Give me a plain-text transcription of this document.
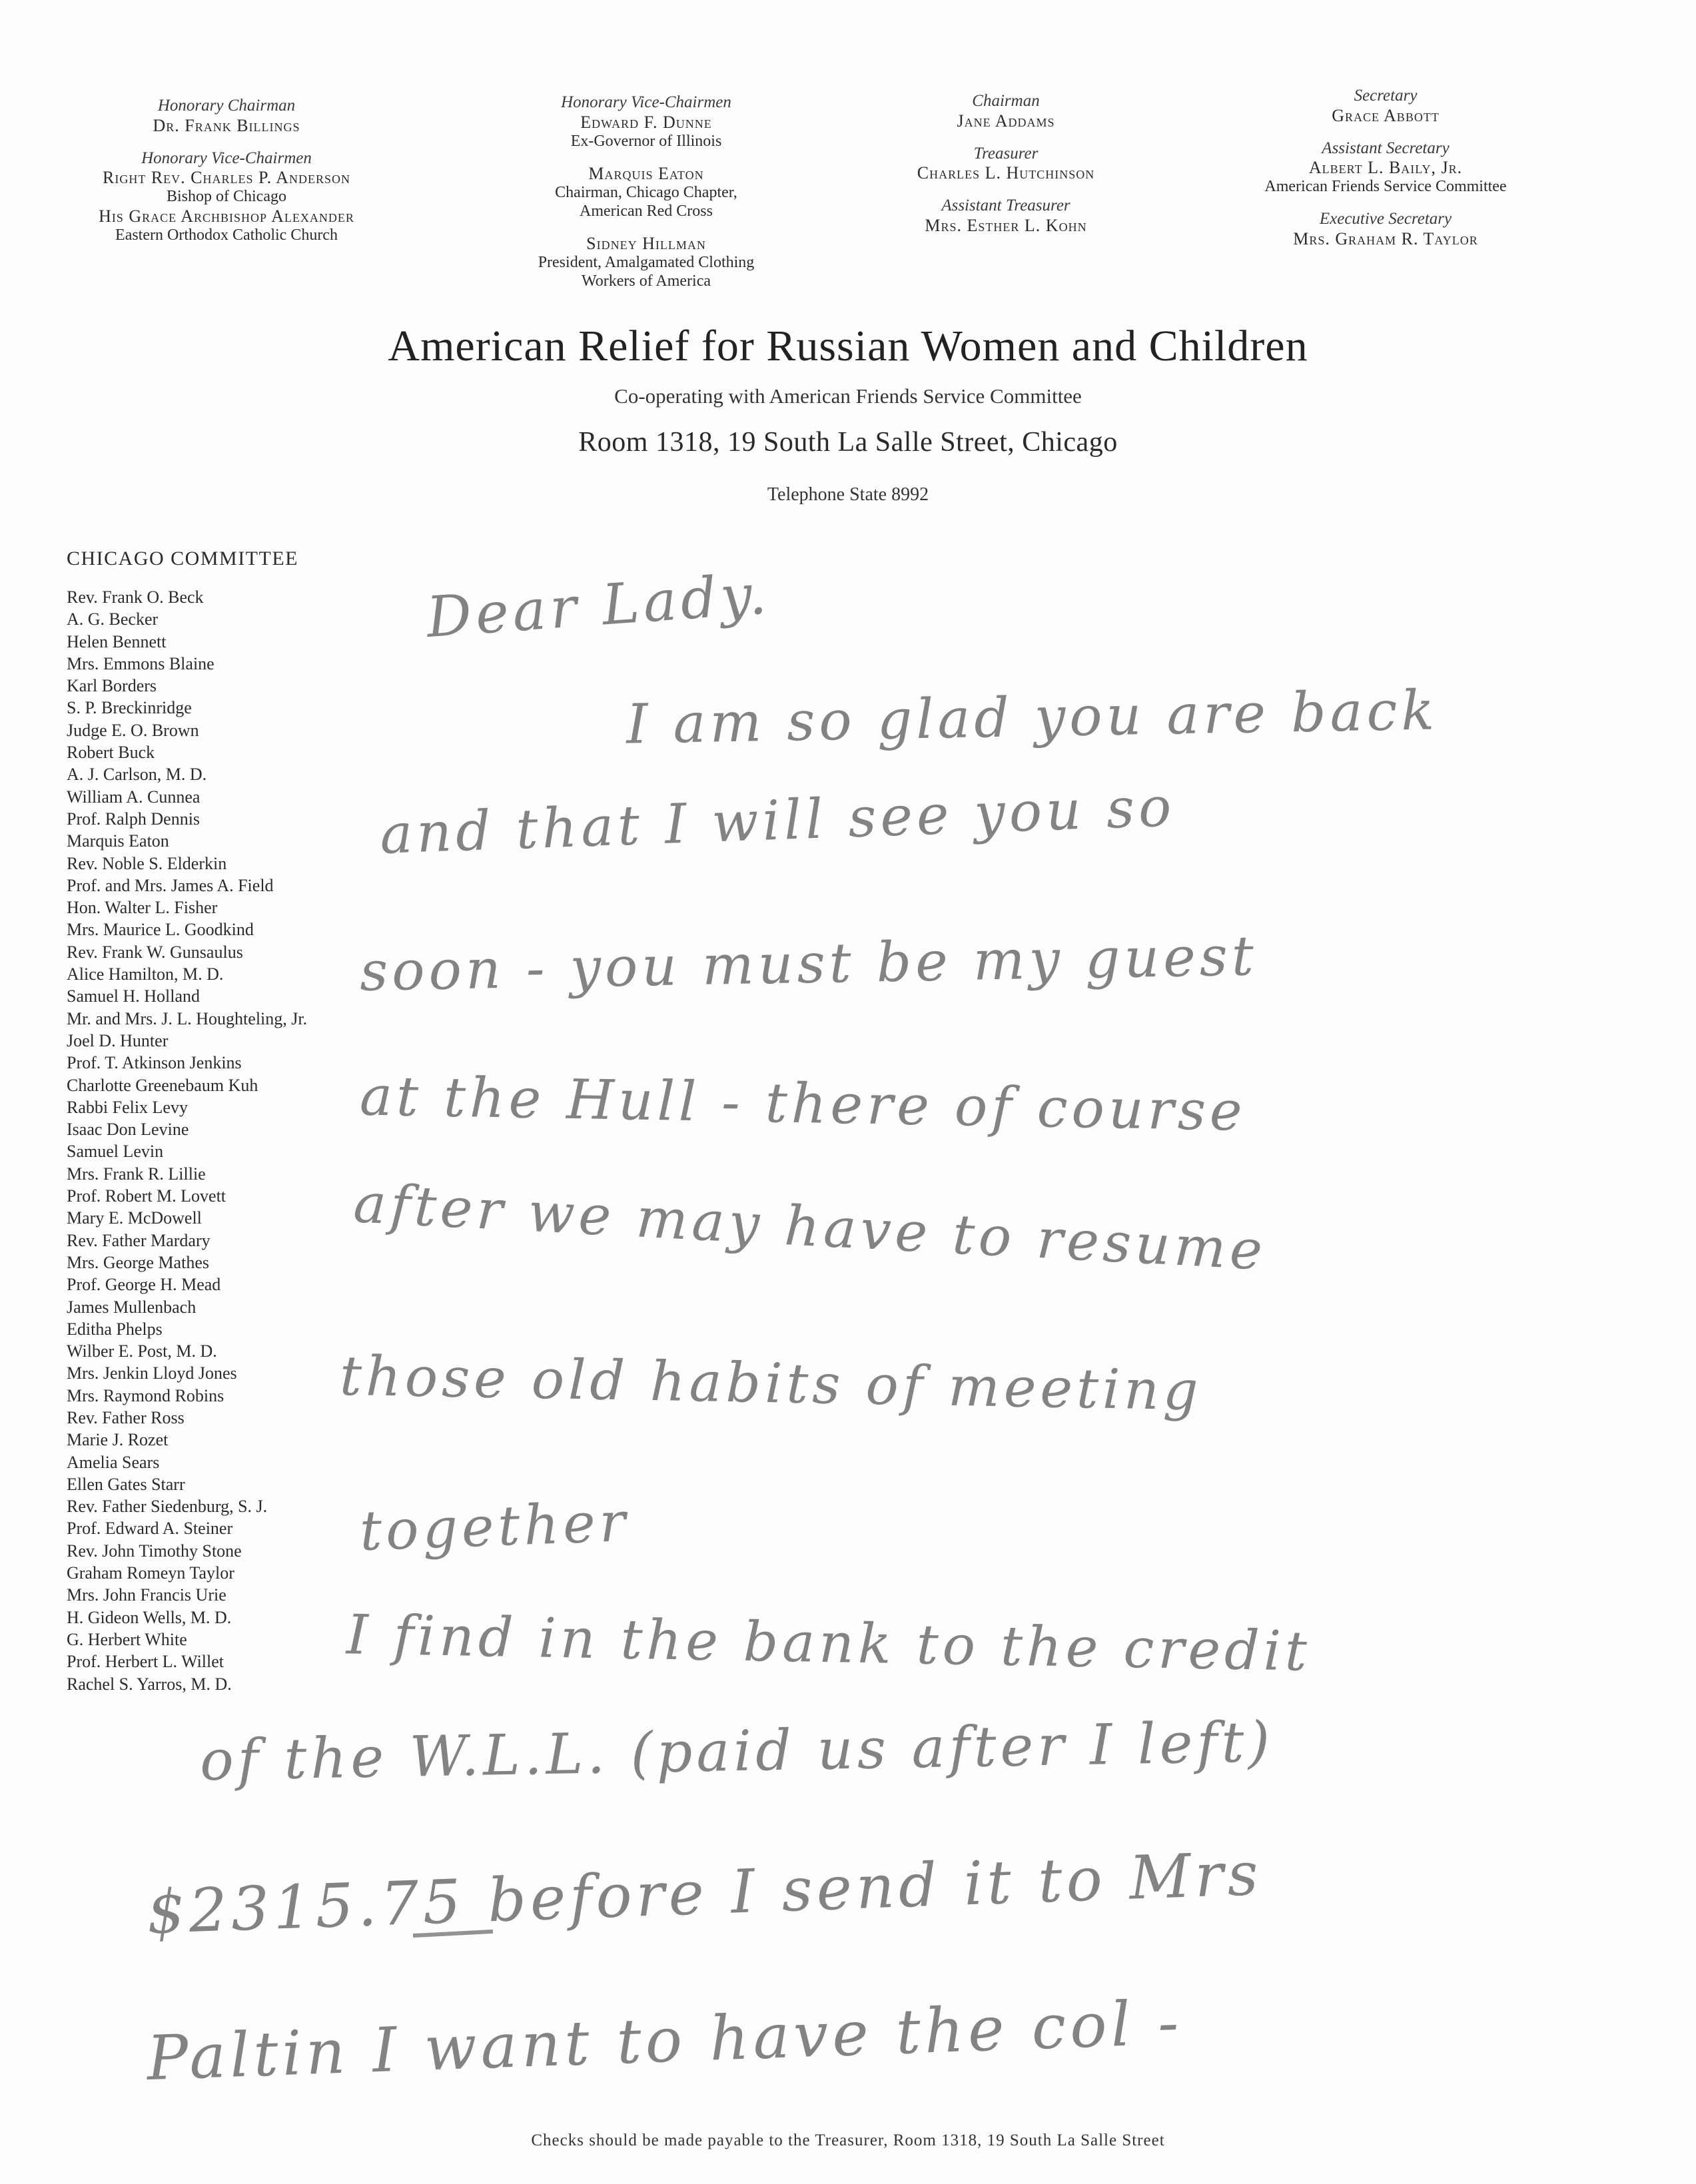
Honorary Chairman
Dr. Frank Billings
Honorary Vice-Chairmen
Right Rev. Charles P. Anderson
Bishop of Chicago
His Grace Archbishop Alexander
Eastern Orthodox Catholic Church
Honorary Vice-Chairmen
Edward F. Dunne
Ex-Governor of Illinois
Marquis Eaton
Chairman, Chicago Chapter,
American Red Cross
Sidney Hillman
President, Amalgamated Clothing
Workers of America
Chairman
Jane Addams
Treasurer
Charles L. Hutchinson
Assistant Treasurer
Mrs. Esther L. Kohn
Secretary
Grace Abbott
Assistant Secretary
Albert L. Baily, Jr.
American Friends Service Committee
Executive Secretary
Mrs. Graham R. Taylor
American Relief for Russian Women and Children
Co-operating with American Friends Service Committee
Room 1318, 19 South La Salle Street, Chicago
Telephone State 8992
CHICAGO COMMITTEE
Rev. Frank O. Beck
A. G. Becker
Helen Bennett
Mrs. Emmons Blaine
Karl Borders
S. P. Breckinridge
Judge E. O. Brown
Robert Buck
A. J. Carlson, M. D.
William A. Cunnea
Prof. Ralph Dennis
Marquis Eaton
Rev. Noble S. Elderkin
Prof. and Mrs. James A. Field
Hon. Walter L. Fisher
Mrs. Maurice L. Goodkind
Rev. Frank W. Gunsaulus
Alice Hamilton, M. D.
Samuel H. Holland
Mr. and Mrs. J. L. Houghteling, Jr.
Joel D. Hunter
Prof. T. Atkinson Jenkins
Charlotte Greenebaum Kuh
Rabbi Felix Levy
Isaac Don Levine
Samuel Levin
Mrs. Frank R. Lillie
Prof. Robert M. Lovett
Mary E. McDowell
Rev. Father Mardary
Mrs. George Mathes
Prof. George H. Mead
James Mullenbach
Editha Phelps
Wilber E. Post, M. D.
Mrs. Jenkin Lloyd Jones
Mrs. Raymond Robins
Rev. Father Ross
Marie J. Rozet
Amelia Sears
Ellen Gates Starr
Rev. Father Siedenburg, S. J.
Prof. Edward A. Steiner
Rev. John Timothy Stone
Graham Romeyn Taylor
Mrs. John Francis Urie
H. Gideon Wells, M. D.
G. Herbert White
Prof. Herbert L. Willet
Rachel S. Yarros, M. D.
Dear Lady.
I am so glad you are back
and that I will see you so
soon - you must be my guest
at the Hull - there of course
after we may have to resume
those old habits of meeting
together
I find in the bank to the credit
of the W.L.L. (paid us after I left)
$2315.75 before I send it to Mrs
Paltin I want to have the col -
Checks should be made payable to the Treasurer, Room 1318, 19 South La Salle Street
